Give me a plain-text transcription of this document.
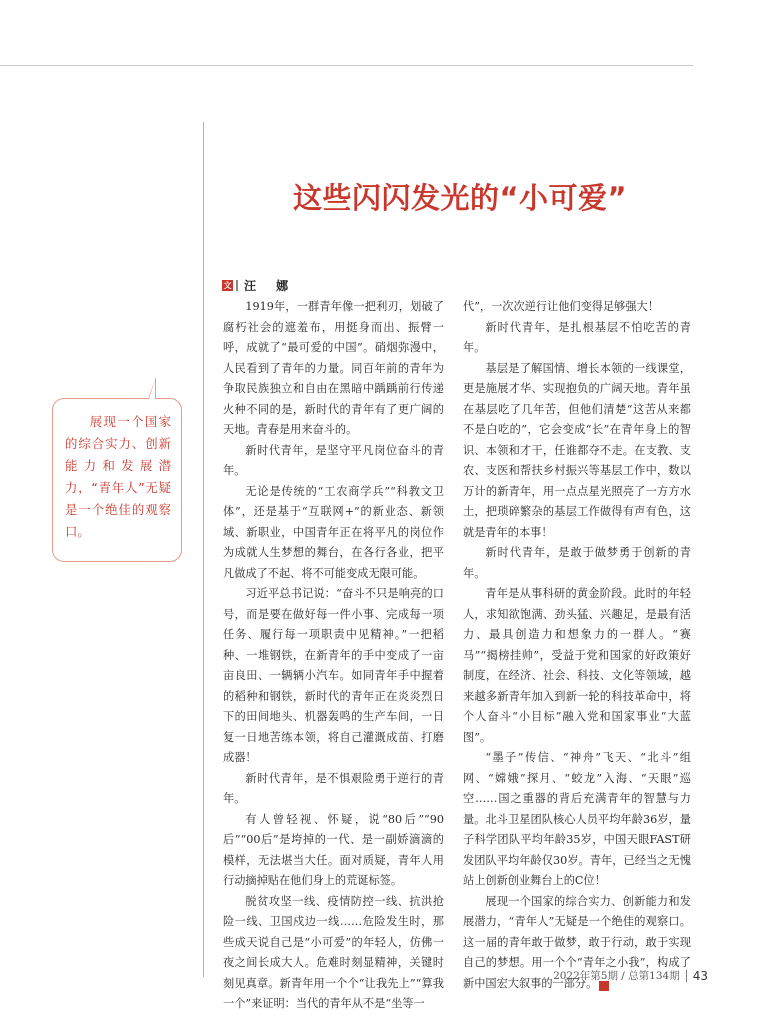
这些闪闪发光的“小可爱”
文 汪 娜

展现一个国家的综合实力、创新能力和发展潜力，“青年人”无疑是一个绝佳的观察口。

1919年，一群青年像一把利刃，划破了腐朽社会的遮羞布，用挺身而出、振臂一呼，成就了“最可爱的中国”。硝烟弥漫中，人民看到了青年的力量。同百年前的青年为争取民族独立和自由在黑暗中踽踽前行传递火种不同的是，新时代的青年有了更广阔的天地。青春是用来奋斗的。

新时代青年，是坚守平凡岗位奋斗的青年。

无论是传统的“工农商学兵”“科教文卫体”，还是基于“互联网+”的新业态、新领域、新职业，中国青年正在将平凡的岗位作为成就人生梦想的舞台，在各行各业，把平凡做成了不起、将不可能变成无限可能。

习近平总书记说：“奋斗不只是响亮的口号，而是要在做好每一件小事、完成每一项任务、履行每一项职责中见精神。”一把稻种、一堆钢铁，在新青年的手中变成了一亩亩良田、一辆辆小汽车。如同青年手中握着的稻种和钢铁，新时代的青年正在炎炎烈日下的田间地头、机器轰鸣的生产车间，一日复一日地苦练本领，将自己灌溉成苗、打磨成器！

新时代青年，是不惧艰险勇于逆行的青年。

有人曾轻视、怀疑，说“80后”“90后”“00后”是垮掉的一代、是一副娇滴滴的模样，无法堪当大任。面对质疑，青年人用行动摘掉贴在他们身上的荒诞标签。

脱贫攻坚一线、疫情防控一线、抗洪抢险一线、卫国戍边一线……危险发生时，那些成天说自己是“小可爱”的年轻人，仿佛一夜之间长成大人。危难时刻显精神，关键时刻见真章。新青年用一个个“让我先上”“算我一个”来证明：当代的青年从不是“坐等一

代”，一次次逆行让他们变得足够强大！

新时代青年，是扎根基层不怕吃苦的青年。

基层是了解国情、增长本领的一线课堂，更是施展才华、实现抱负的广阔天地。青年虽在基层吃了几年苦，但他们清楚“这苦从来都不是白吃的”，它会变成“长”在青年身上的智识、本领和才干，任谁都夺不走。在支教、支农、支医和帮扶乡村振兴等基层工作中，数以万计的新青年，用一点点星光照亮了一方方水土，把琐碎繁杂的基层工作做得有声有色，这就是青年的本事！

新时代青年，是敢于做梦勇于创新的青年。

青年是从事科研的黄金阶段。此时的年轻人，求知欲饱满、劲头猛、兴趣足，是最有活力、最具创造力和想象力的一群人。“赛马”“揭榜挂帅”，受益于党和国家的好政策好制度，在经济、社会、科技、文化等领域，越来越多新青年加入到新一轮的科技革命中，将个人奋斗“小目标”融入党和国家事业“大蓝图”。

“墨子”传信、“神舟”飞天、“北斗”组网、“嫦娥”探月、“蛟龙”入海、“天眼”巡空……国之重器的背后充满青年的智慧与力量。北斗卫星团队核心人员平均年龄36岁，量子科学团队平均年龄35岁，中国天眼FAST研发团队平均年龄仅30岁。青年，已经当之无愧站上创新创业舞台上的C位！

展现一个国家的综合实力、创新能力和发展潜力，“青年人”无疑是一个绝佳的观察口。这一届的青年敢于做梦，敢于行动，敢于实现自己的梦想。用一个个“青年之小我”，构成了新中国宏大叙事的一部分。	G

2022年第5期 / 总第134期 43
